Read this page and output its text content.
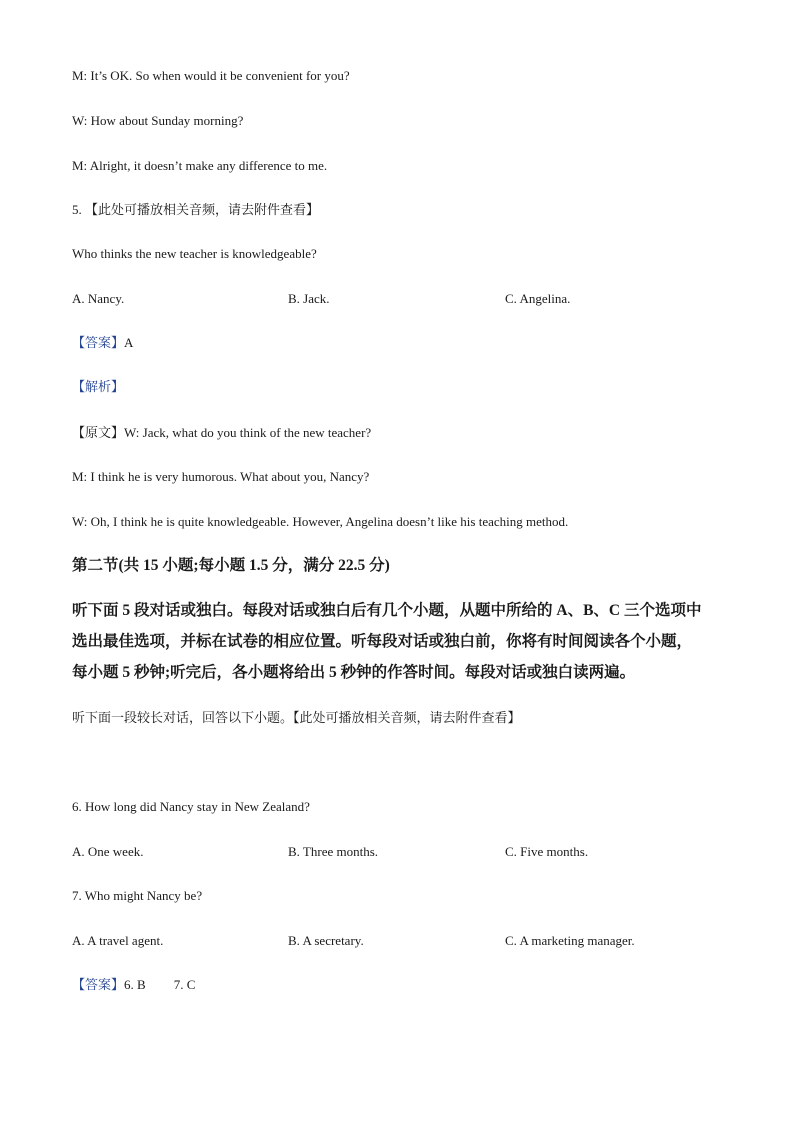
M: It’s OK. So when would it be convenient for you?
W: How about Sunday morning?
M: Alright, it doesn’t make any difference to me.
5. 【此处可播放相关音频，请去附件查看】
Who thinks the new teacher is knowledgeable?
A. Nancy.	B. Jack.	C. Angelina.
【答案】A
【解析】
【原文】W: Jack, what do you think of the new teacher?
M: I think he is very humorous. What about you, Nancy?
W: Oh, I think he is quite knowledgeable. However, Angelina doesn’t like his teaching method.
第二节(共 15 小题;每小题 1.5 分，满分 22.5 分)
听下面 5 段对话或独白。每段对话或独白后有几个小题，从题中所给的 A、B、C 三个选项中
选出最佳选项，并标在试卷的相应位置。听每段对话或独白前，你将有时间阅读各个小题，
每小题 5 秒钟;听完后，各小题将给出 5 秒钟的作答时间。每段对话或独白读两遍。
听下面一段较长对话，回答以下小题。【此处可播放相关音频，请去附件查看】
6. How long did Nancy stay in New Zealand?
A. One week.	B. Three months.	C. Five months.
7. Who might Nancy be?
A. A travel agent.	B. A secretary.	C. A marketing manager.
【答案】6. B 7. C
